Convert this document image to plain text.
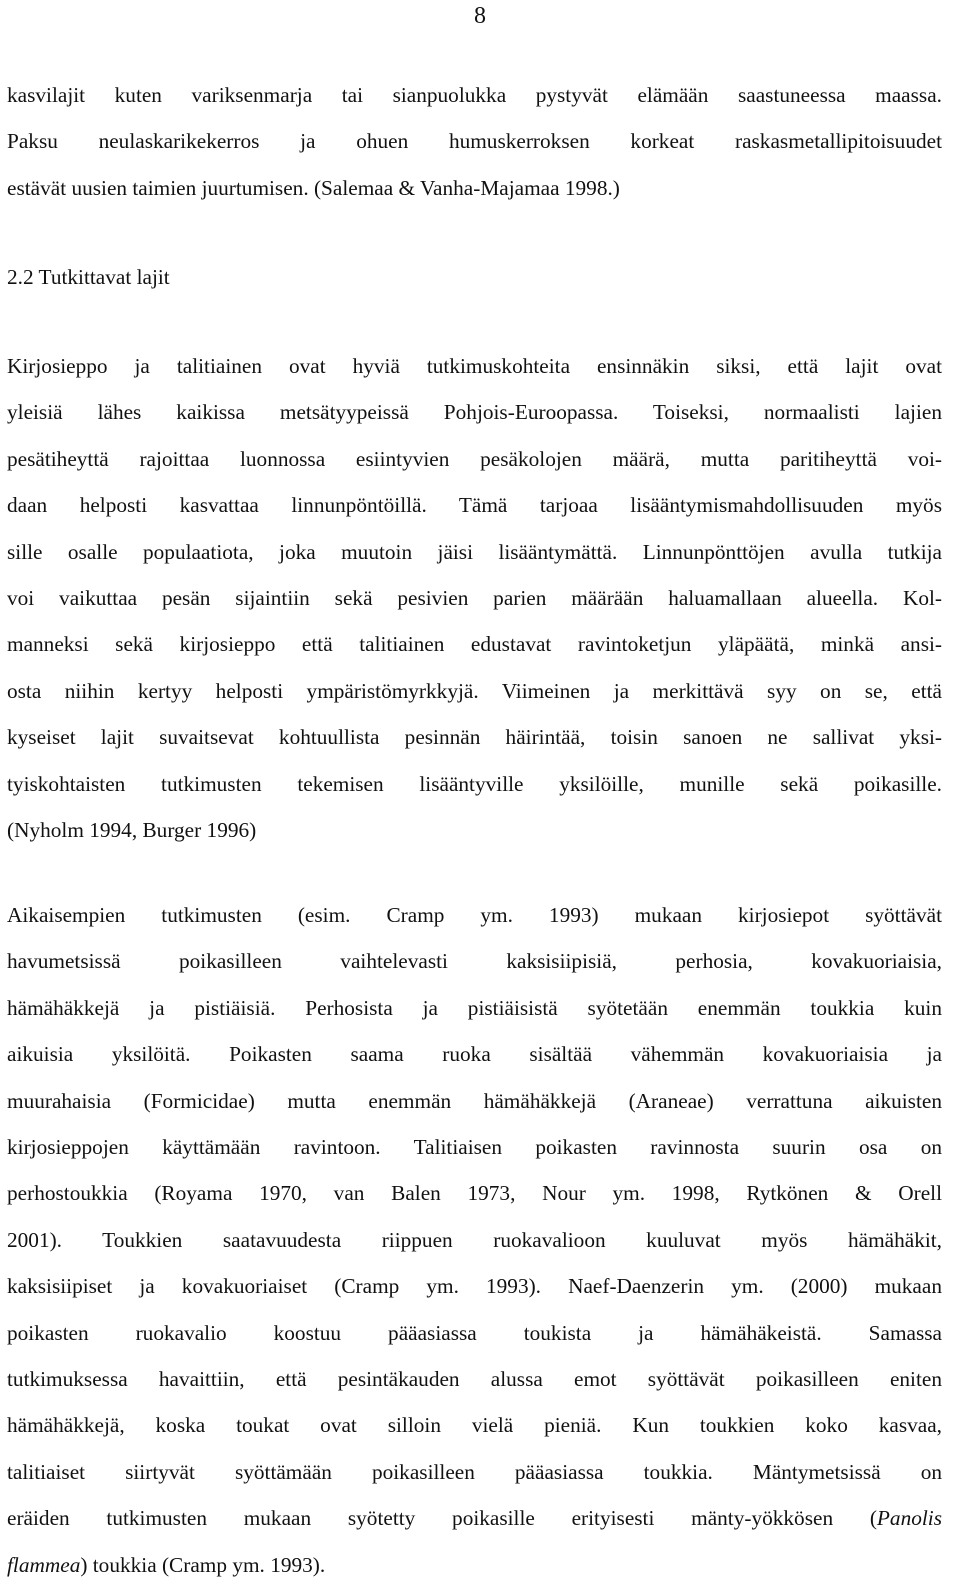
8

kasvilajit kuten variksenmarja tai sianpuolukka pystyvät elämään saastuneessa maassa.
Paksu neulaskarikekerros ja ohuen humuskerroksen korkeat raskasmetallipitoisuudet
estävät uusien taimien juurtumisen. (Salemaa & Vanha-Majamaa 1998.)

2.2 Tutkittavat lajit

Kirjosieppo ja talitiainen ovat hyviä tutkimuskohteita ensinnäkin siksi, että lajit ovat
yleisiä lähes kaikissa metsätyypeissä Pohjois-Euroopassa. Toiseksi, normaalisti lajien
pesätiheyttä rajoittaa luonnossa esiintyvien pesäkolojen määrä, mutta paritiheyttä voi-
daan helposti kasvattaa linnunpöntöillä. Tämä tarjoaa lisääntymismahdollisuuden myös
sille osalle populaatiota, joka muutoin jäisi lisääntymättä. Linnunpönttöjen avulla tutkija
voi vaikuttaa pesän sijaintiin sekä pesivien parien määrään haluamallaan alueella. Kol-
manneksi sekä kirjosieppo että talitiainen edustavat ravintoketjun yläpäätä, minkä ansi-
osta niihin kertyy helposti ympäristömyrkkyjä. Viimeinen ja merkittävä syy on se, että
kyseiset lajit suvaitsevat kohtuullista pesinnän häirintää, toisin sanoen ne sallivat yksi-
tyiskohtaisten tutkimusten tekemisen lisääntyville yksilöille, munille sekä poikasille.
(Nyholm 1994, Burger 1996)

Aikaisempien tutkimusten (esim. Cramp ym. 1993) mukaan kirjosiepot syöttävät
havumetsissä poikasilleen vaihtelevasti kaksisiipisiä, perhosia, kovakuoriaisia,
hämähäkkejä ja pistiäisiä. Perhosista ja pistiäisistä syötetään enemmän toukkia kuin
aikuisia yksilöitä. Poikasten saama ruoka sisältää vähemmän kovakuoriaisia ja
muurahaisia (Formicidae) mutta enemmän hämähäkkejä (Araneae) verrattuna aikuisten
kirjosieppojen käyttämään ravintoon. Talitiaisen poikasten ravinnosta suurin osa on
perhostoukkia (Royama 1970, van Balen 1973, Nour ym. 1998, Rytkönen & Orell
2001). Toukkien saatavuudesta riippuen ruokavalioon kuuluvat myös hämähäkit,
kaksisiipiset ja kovakuoriaiset (Cramp ym. 1993). Naef-Daenzerin ym. (2000) mukaan
poikasten ruokavalio koostuu pääasiassa toukista ja hämähäkeistä. Samassa
tutkimuksessa havaittiin, että pesintäkauden alussa emot syöttävät poikasilleen eniten
hämähäkkejä, koska toukat ovat silloin vielä pieniä. Kun toukkien koko kasvaa,
talitiaiset siirtyvät syöttämään poikasilleen pääasiassa toukkia. Mäntymetsissä on
eräiden tutkimusten mukaan syötetty poikasille erityisesti mänty-yökkösen (Panolis
flammea) toukkia (Cramp ym. 1993).
